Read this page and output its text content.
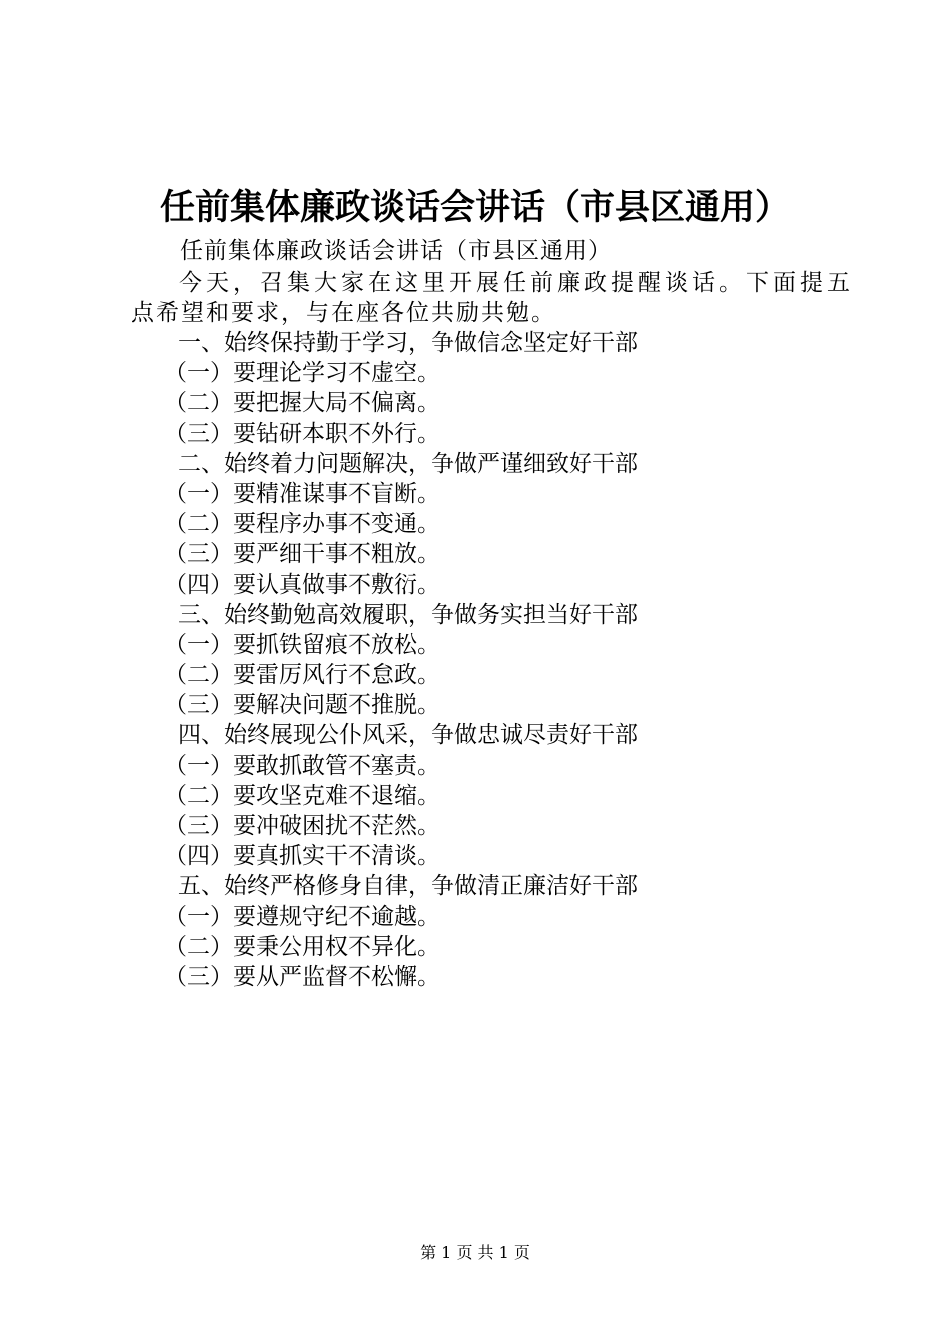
任前集体廉政谈话会讲话（市县区通用）
任前集体廉政谈话会讲话（市县区通用）
今天，召集大家在这里开展任前廉政提醒谈话。下面提五
点希望和要求，与在座各位共励共勉。
一、始终保持勤于学习，争做信念坚定好干部
（一）要理论学习不虚空。
（二）要把握大局不偏离。
（三）要钻研本职不外行。
二、始终着力问题解决，争做严谨细致好干部
（一）要精准谋事不盲断。
（二）要程序办事不变通。
（三）要严细干事不粗放。
（四）要认真做事不敷衍。
三、始终勤勉高效履职，争做务实担当好干部
（一）要抓铁留痕不放松。
（二）要雷厉风行不怠政。
（三）要解决问题不推脱。
四、始终展现公仆风采，争做忠诚尽责好干部
（一）要敢抓敢管不塞责。
（二）要攻坚克难不退缩。
（三）要冲破困扰不茫然。
（四）要真抓实干不清谈。
五、始终严格修身自律，争做清正廉洁好干部
（一）要遵规守纪不逾越。
（二）要秉公用权不异化。
（三）要从严监督不松懈。
第 1 页 共 1 页
